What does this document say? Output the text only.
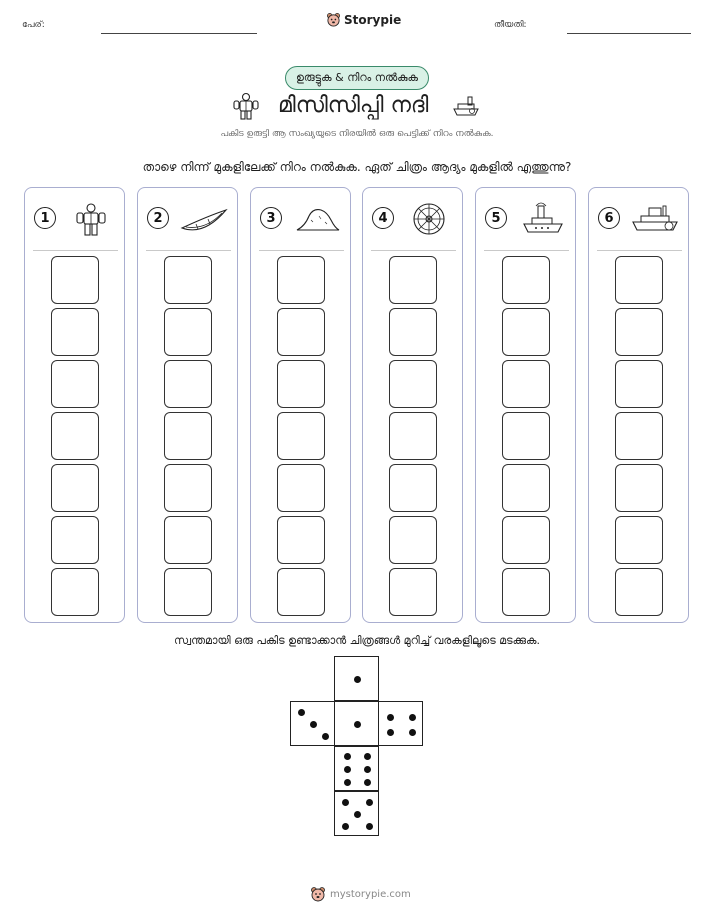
പേര്:	Storypie	തീയതി:
ഉരുട്ടുക & നിറം നൽകുക
മിസിസിപ്പി നദി
പകിട ഉരുട്ടി ആ സംഖ്യയുടെ നിരയിൽ ഒരു പെട്ടിക്ക് നിറം നൽകുക.
താഴെ നിന്ന് മുകളിലേക്ക് നിറം നൽകുക. ഏത് ചിത്രം ആദ്യം മുകളിൽ എത്തുന്നു?
1	2	3	4	5	6
സ്വന്തമായി ഒരു പകിട ഉണ്ടാക്കാൻ ചിത്രങ്ങൾ മുറിച്ച് വരകളിലൂടെ മടക്കുക.
mystorypie.com
